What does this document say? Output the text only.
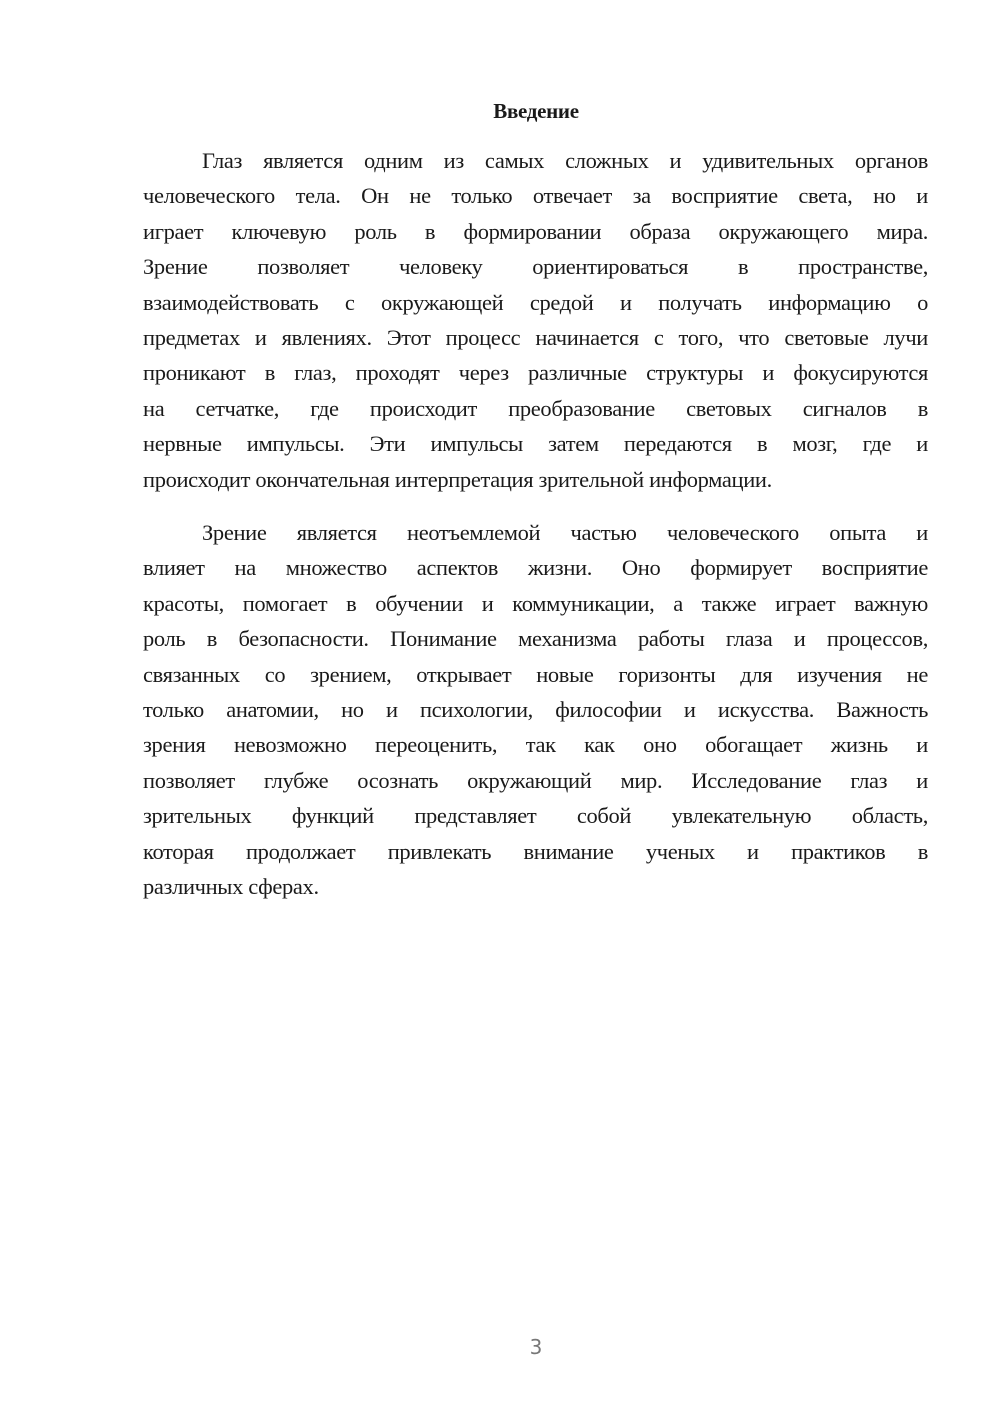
Введение
Глаз является одним из самых сложных и удивительных органов
человеческого тела. Он не только отвечает за восприятие света, но и
играет ключевую роль в формировании образа окружающего мира.
Зрение позволяет человеку ориентироваться в пространстве,
взаимодействовать с окружающей средой и получать информацию о
предметах и явлениях. Этот процесс начинается с того, что световые лучи
проникают в глаз, проходят через различные структуры и фокусируются
на сетчатке, где происходит преобразование световых сигналов в
нервные импульсы. Эти импульсы затем передаются в мозг, где и
происходит окончательная интерпретация зрительной информации.
Зрение является неотъемлемой частью человеческого опыта и
влияет на множество аспектов жизни. Оно формирует восприятие
красоты, помогает в обучении и коммуникации, а также играет важную
роль в безопасности. Понимание механизма работы глаза и процессов,
связанных со зрением, открывает новые горизонты для изучения не
только анатомии, но и психологии, философии и искусства. Важность
зрения невозможно переоценить, так как оно обогащает жизнь и
позволяет глубже осознать окружающий мир. Исследование глаз и
зрительных функций представляет собой увлекательную область,
которая продолжает привлекать внимание ученых и практиков в
различных сферах.
3
